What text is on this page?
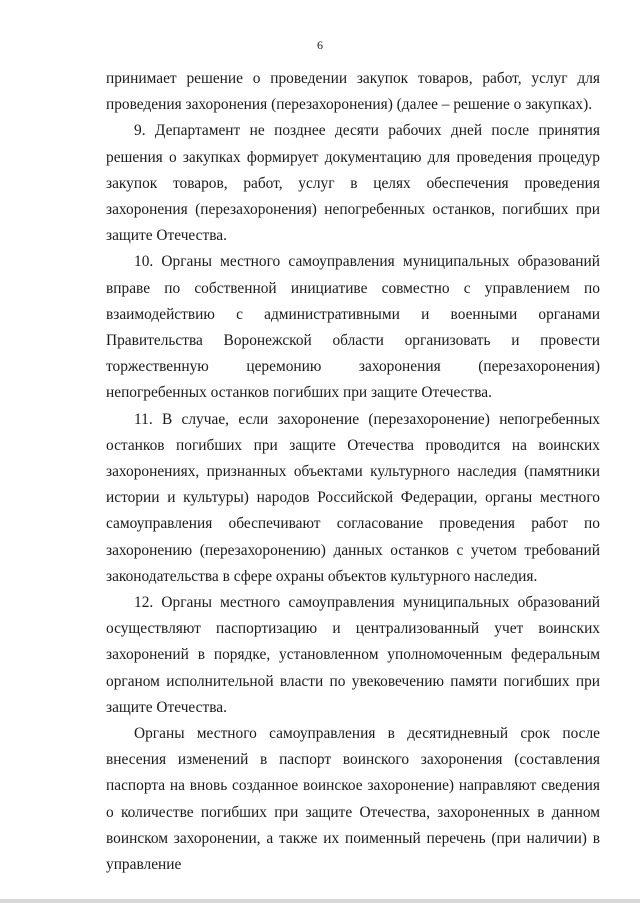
6

принимает решение о проведении закупок товаров, работ, услуг для проведения захоронения (перезахоронения) (далее – решение о закупках).

9. Департамент не позднее десяти рабочих дней после принятия решения о закупках формирует документацию для проведения процедур закупок товаров, работ, услуг в целях обеспечения проведения захоронения (перезахоронения) непогребенных останков, погибших при защите Отечества.

10. Органы местного самоуправления муниципальных образований вправе по собственной инициативе совместно с управлением по взаимодействию с административными и военными органами Правительства Воронежской области организовать и провести торжественную церемонию захоронения (перезахоронения) непогребенных останков погибших при защите Отечества.

11. В случае, если захоронение (перезахоронение) непогребенных останков погибших при защите Отечества проводится на воинских захоронениях, признанных объектами культурного наследия (памятники истории и культуры) народов Российской Федерации, органы местного самоуправления обеспечивают согласование проведения работ по захоронению (перезахоронению) данных останков с учетом требований законодательства в сфере охраны объектов культурного наследия.

12. Органы местного самоуправления муниципальных образований осуществляют паспортизацию и централизованный учет воинских захоронений в порядке, установленном уполномоченным федеральным органом исполнительной власти по увековечению памяти погибших при защите Отечества.

Органы местного самоуправления в десятидневный срок после внесения изменений в паспорт воинского захоронения (составления паспорта на вновь созданное воинское захоронение) направляют сведения о количестве погибших при защите Отечества, захороненных в данном воинском захоронении, а также их поименный перечень (при наличии) в управление
